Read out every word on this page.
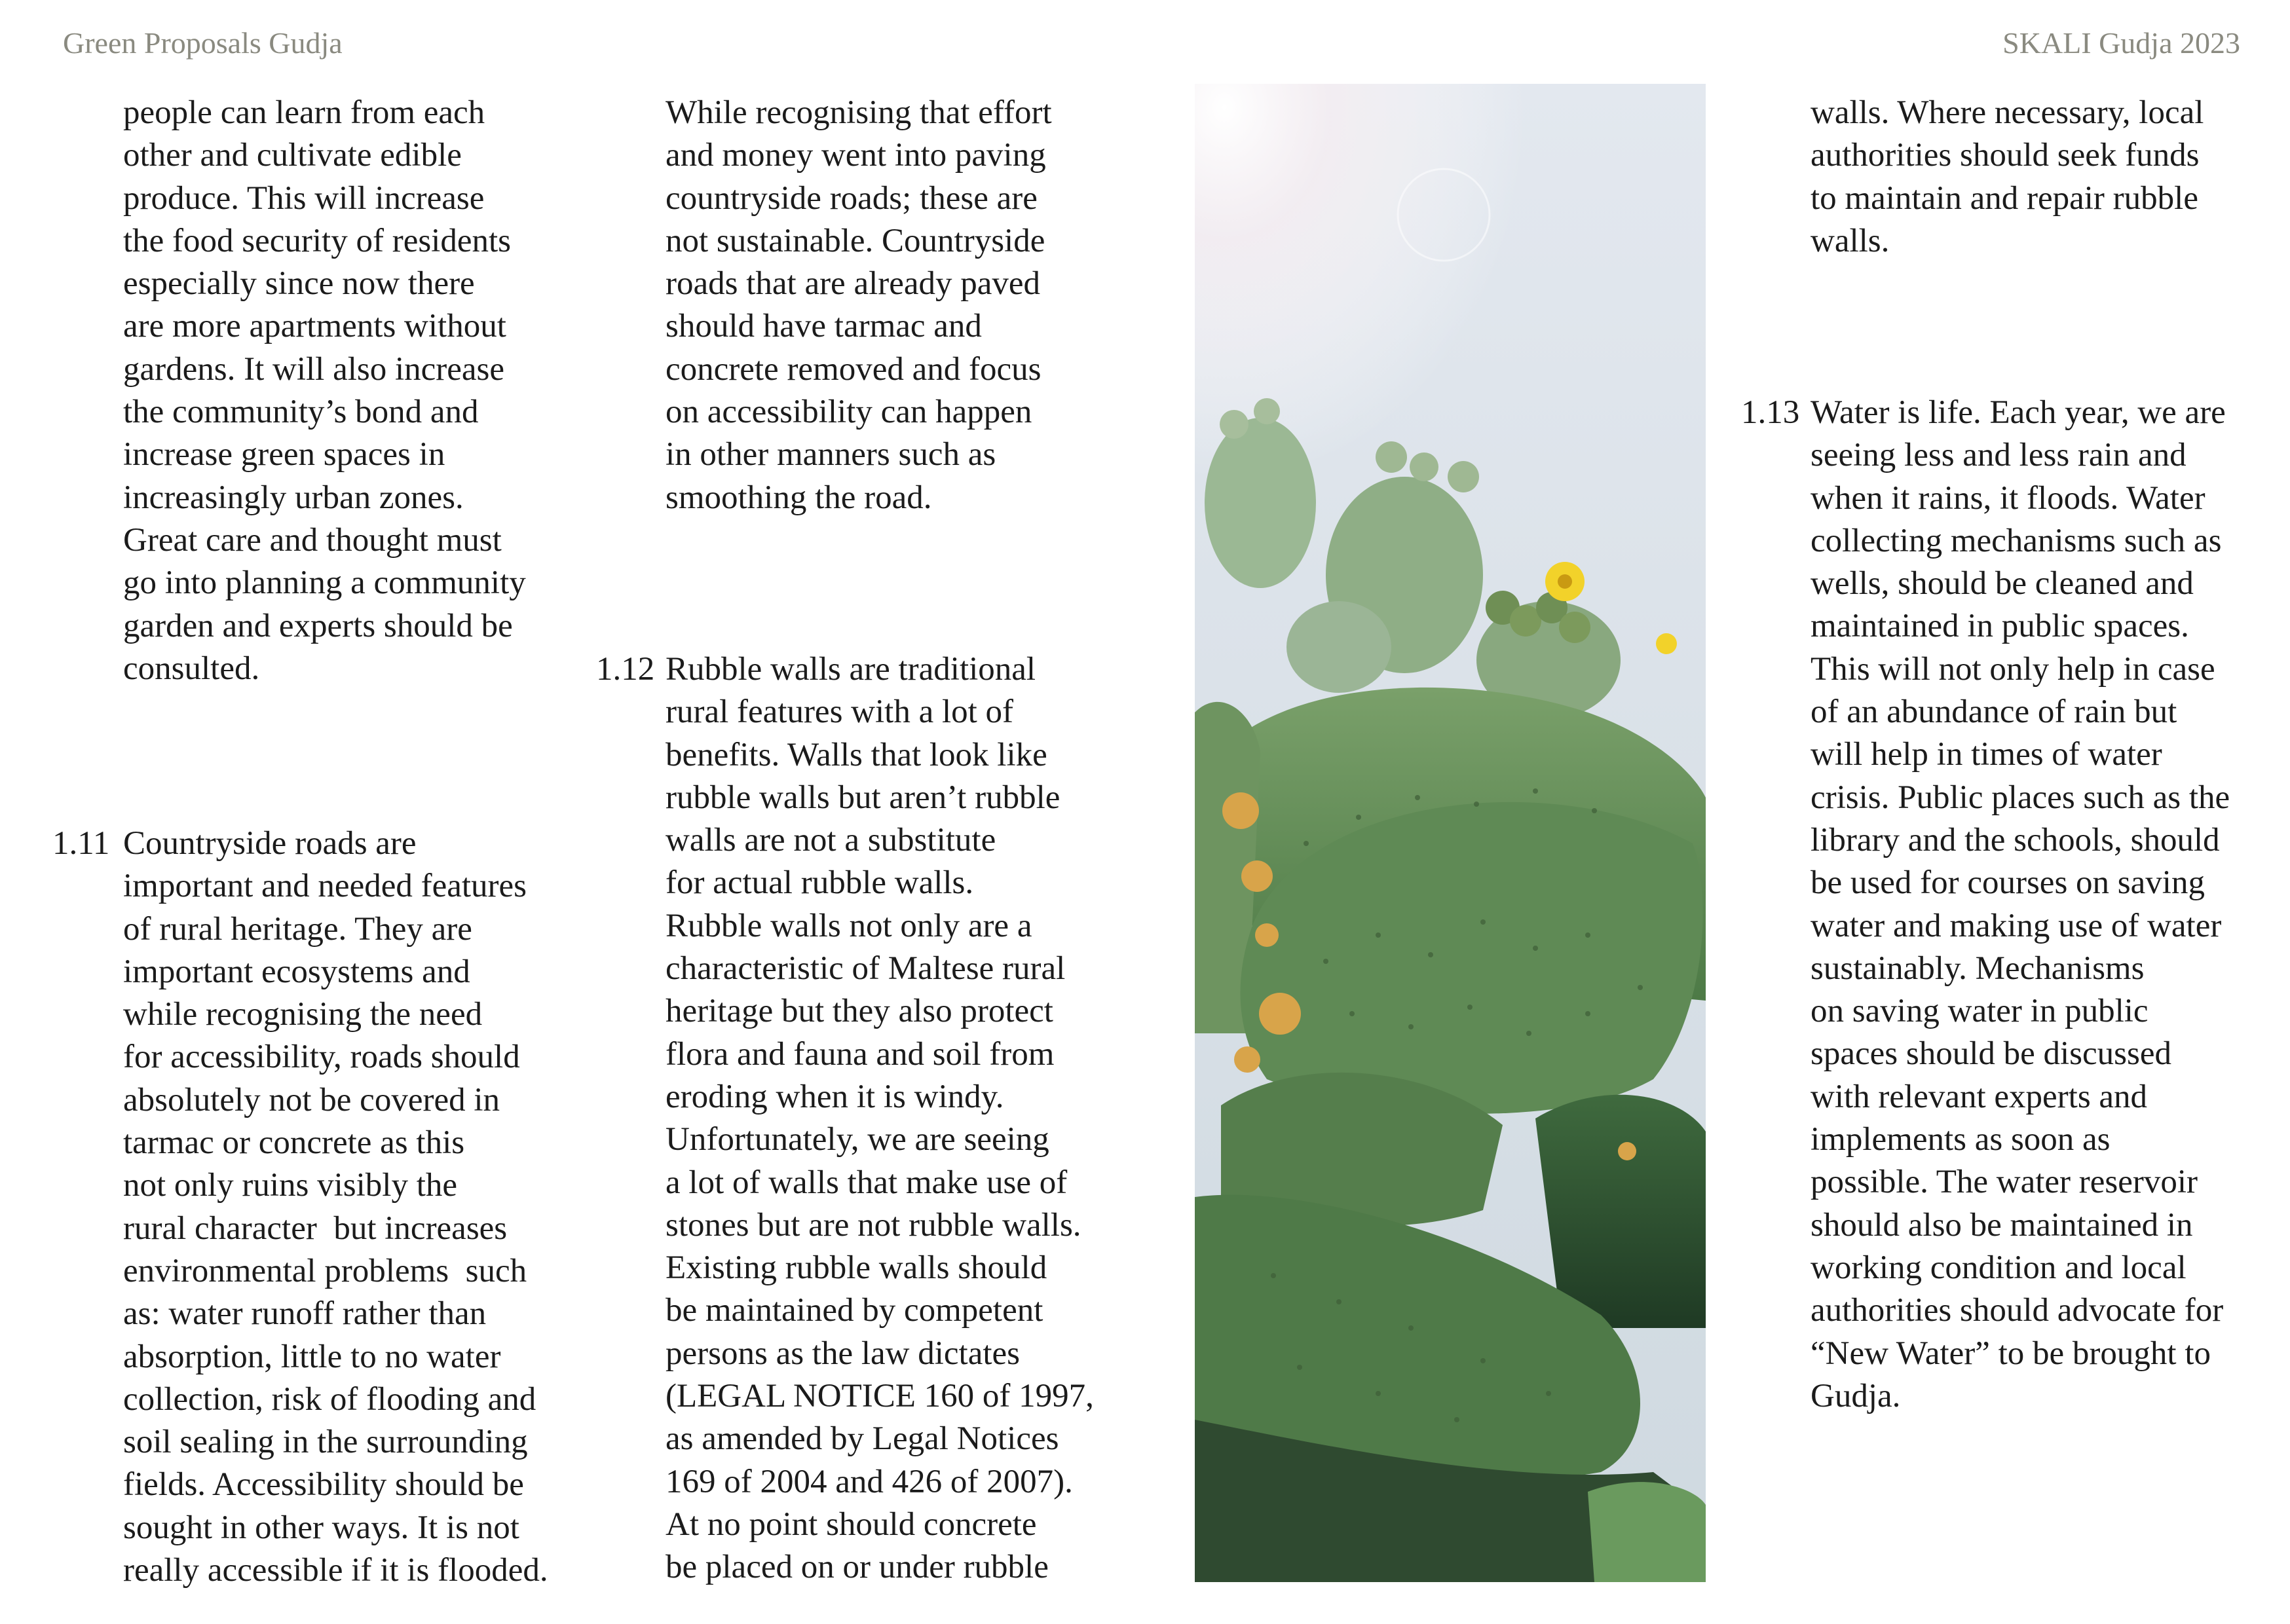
Green Proposals Gudja	SKALI Gudja 2023

people can learn from each
other and cultivate edible
produce. This will increase
the food security of residents
especially since now there
are more apartments without
gardens. It will also increase
the community’s bond and
increase green spaces in
increasingly urban zones.
Great care and thought must
go into planning a community
garden and experts should be
consulted.

1.11 Countryside roads are
important and needed features
of rural heritage. They are
important ecosystems and
while recognising the need
for accessibility, roads should
absolutely not be covered in
tarmac or concrete as this
not only ruins visibly the
rural character  but increases
environmental problems  such
as: water runoff rather than
absorption, little to no water
collection, risk of flooding and
soil sealing in the surrounding
fields. Accessibility should be
sought in other ways. It is not
really accessible if it is flooded.

While recognising that effort
and money went into paving
countryside roads; these are
not sustainable. Countryside
roads that are already paved
should have tarmac and
concrete removed and focus
on accessibility can happen
in other manners such as
smoothing the road.

1.12 Rubble walls are traditional
rural features with a lot of
benefits. Walls that look like
rubble walls but aren’t rubble
walls are not a substitute
for actual rubble walls.
Rubble walls not only are a
characteristic of Maltese rural
heritage but they also protect
flora and fauna and soil from
eroding when it is windy.
Unfortunately, we are seeing
a lot of walls that make use of
stones but are not rubble walls.
Existing rubble walls should
be maintained by competent
persons as the law dictates
(LEGAL NOTICE 160 of 1997,
as amended by Legal Notices
169 of 2004 and 426 of 2007).
At no point should concrete
be placed on or under rubble

walls. Where necessary, local
authorities should seek funds
to maintain and repair rubble
walls.

1.13 Water is life. Each year, we are
seeing less and less rain and
when it rains, it floods. Water
collecting mechanisms such as
wells, should be cleaned and
maintained in public spaces.
This will not only help in case
of an abundance of rain but
will help in times of water
crisis. Public places such as the
library and the schools, should
be used for courses on saving
water and making use of water
sustainably. Mechanisms
on saving water in public
spaces should be discussed
with relevant experts and
implements as soon as
possible. The water reservoir
should also be maintained in
working condition and local
authorities should advocate for
“New Water” to be brought to
Gudja.
